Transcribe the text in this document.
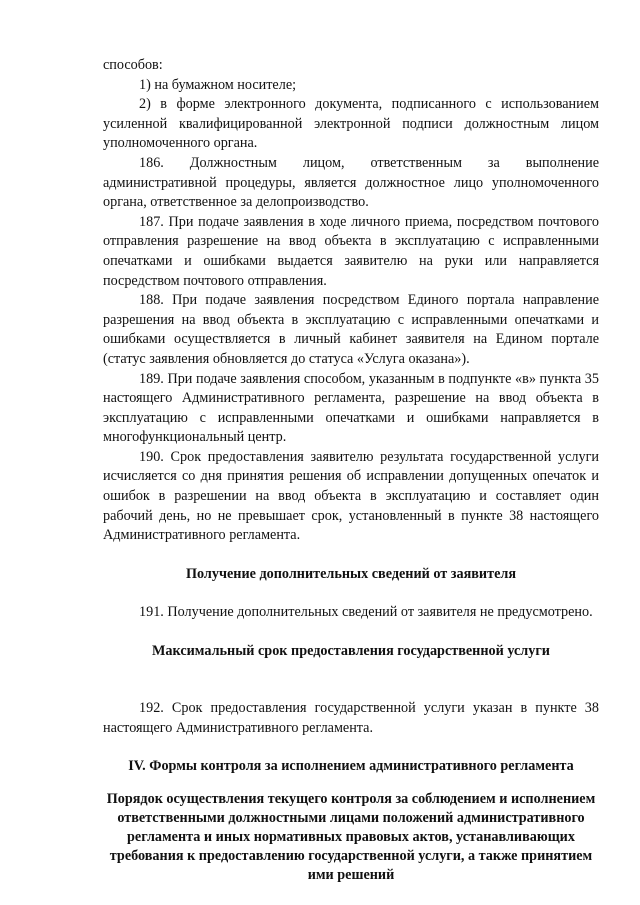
способов:

1) на бумажном носителе;

2) в форме электронного документа, подписанного с использованием усиленной квалифицированной электронной подписи должностным лицом уполномоченного органа.

186. Должностным лицом, ответственным за выполнение административной процедуры, является должностное лицо уполномоченного органа, ответственное за делопроизводство.

187. При подаче заявления в ходе личного приема, посредством почтового отправления разрешение на ввод объекта в эксплуатацию с исправленными опечатками и ошибками выдается заявителю на руки или направляется посредством почтового отправления.

188. При подаче заявления посредством Единого портала направление разрешения на ввод объекта в эксплуатацию с исправленными опечатками и ошибками осуществляется в личный кабинет заявителя на Едином портале (статус заявления обновляется до статуса «Услуга оказана»).

189. При подаче заявления способом, указанным в подпункте «в» пункта 35 настоящего Административного регламента, разрешение на ввод объекта в эксплуатацию с исправленными опечатками и ошибками направляется в многофункциональный центр.

190. Срок предоставления заявителю результата государственной услуги исчисляется со дня принятия решения об исправлении допущенных опечаток и ошибок в разрешении на ввод объекта в эксплуатацию и составляет один рабочий день, но не превышает срок, установленный в пункте 38 настоящего Административного регламента.

Получение дополнительных сведений от заявителя

191. Получение дополнительных сведений от заявителя не предусмотрено.

Максимальный срок предоставления государственной услуги

192. Срок предоставления государственной услуги указан в пункте 38 настоящего Административного регламента.

IV. Формы контроля за исполнением административного регламента
Порядок осуществления текущего контроля за соблюдением и исполнением ответственными должностными лицами положений административного регламента и иных нормативных правовых актов, устанавливающих требования к предоставлению государственной услуги, а также принятием ими решений
